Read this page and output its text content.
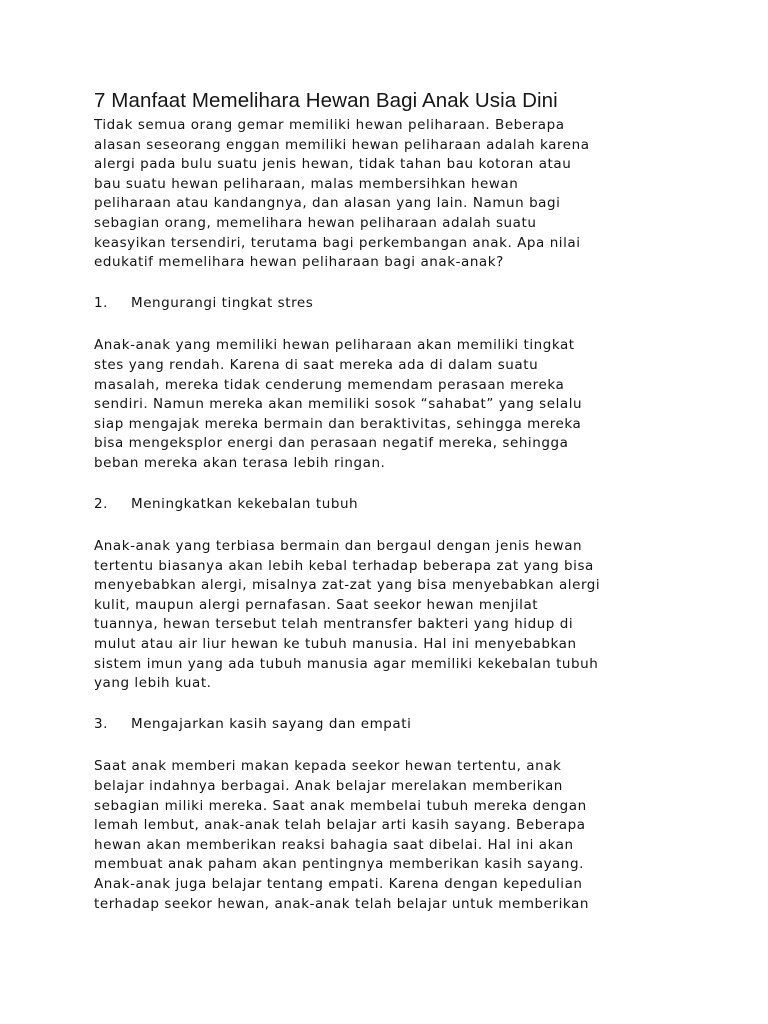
7 Manfaat Memelihara Hewan Bagi Anak Usia Dini
Tidak semua orang gemar memiliki hewan peliharaan. Beberapa
alasan seseorang enggan memiliki hewan peliharaan adalah karena
alergi pada bulu suatu jenis hewan, tidak tahan bau kotoran atau
bau suatu hewan peliharaan, malas membersihkan hewan
peliharaan atau kandangnya, dan alasan yang lain. Namun bagi
sebagian orang, memelihara hewan peliharaan adalah suatu
keasyikan tersendiri, terutama bagi perkembangan anak. Apa nilai
edukatif memelihara hewan peliharaan bagi anak-anak?
1. Mengurangi tingkat stres
Anak-anak yang memiliki hewan peliharaan akan memiliki tingkat
stes yang rendah. Karena di saat mereka ada di dalam suatu
masalah, mereka tidak cenderung memendam perasaan mereka
sendiri. Namun mereka akan memiliki sosok “sahabat” yang selalu
siap mengajak mereka bermain dan beraktivitas, sehingga mereka
bisa mengeksplor energi dan perasaan negatif mereka, sehingga
beban mereka akan terasa lebih ringan.
2. Meningkatkan kekebalan tubuh
Anak-anak yang terbiasa bermain dan bergaul dengan jenis hewan
tertentu biasanya akan lebih kebal terhadap beberapa zat yang bisa
menyebabkan alergi, misalnya zat-zat yang bisa menyebabkan alergi
kulit, maupun alergi pernafasan. Saat seekor hewan menjilat
tuannya, hewan tersebut telah mentransfer bakteri yang hidup di
mulut atau air liur hewan ke tubuh manusia. Hal ini menyebabkan
sistem imun yang ada tubuh manusia agar memiliki kekebalan tubuh
yang lebih kuat.
3. Mengajarkan kasih sayang dan empati
Saat anak memberi makan kepada seekor hewan tertentu, anak
belajar indahnya berbagai. Anak belajar merelakan memberikan
sebagian miliki mereka. Saat anak membelai tubuh mereka dengan
lemah lembut, anak-anak telah belajar arti kasih sayang. Beberapa
hewan akan memberikan reaksi bahagia saat dibelai. Hal ini akan
membuat anak paham akan pentingnya memberikan kasih sayang.
Anak-anak juga belajar tentang empati. Karena dengan kepedulian
terhadap seekor hewan, anak-anak telah belajar untuk memberikan
